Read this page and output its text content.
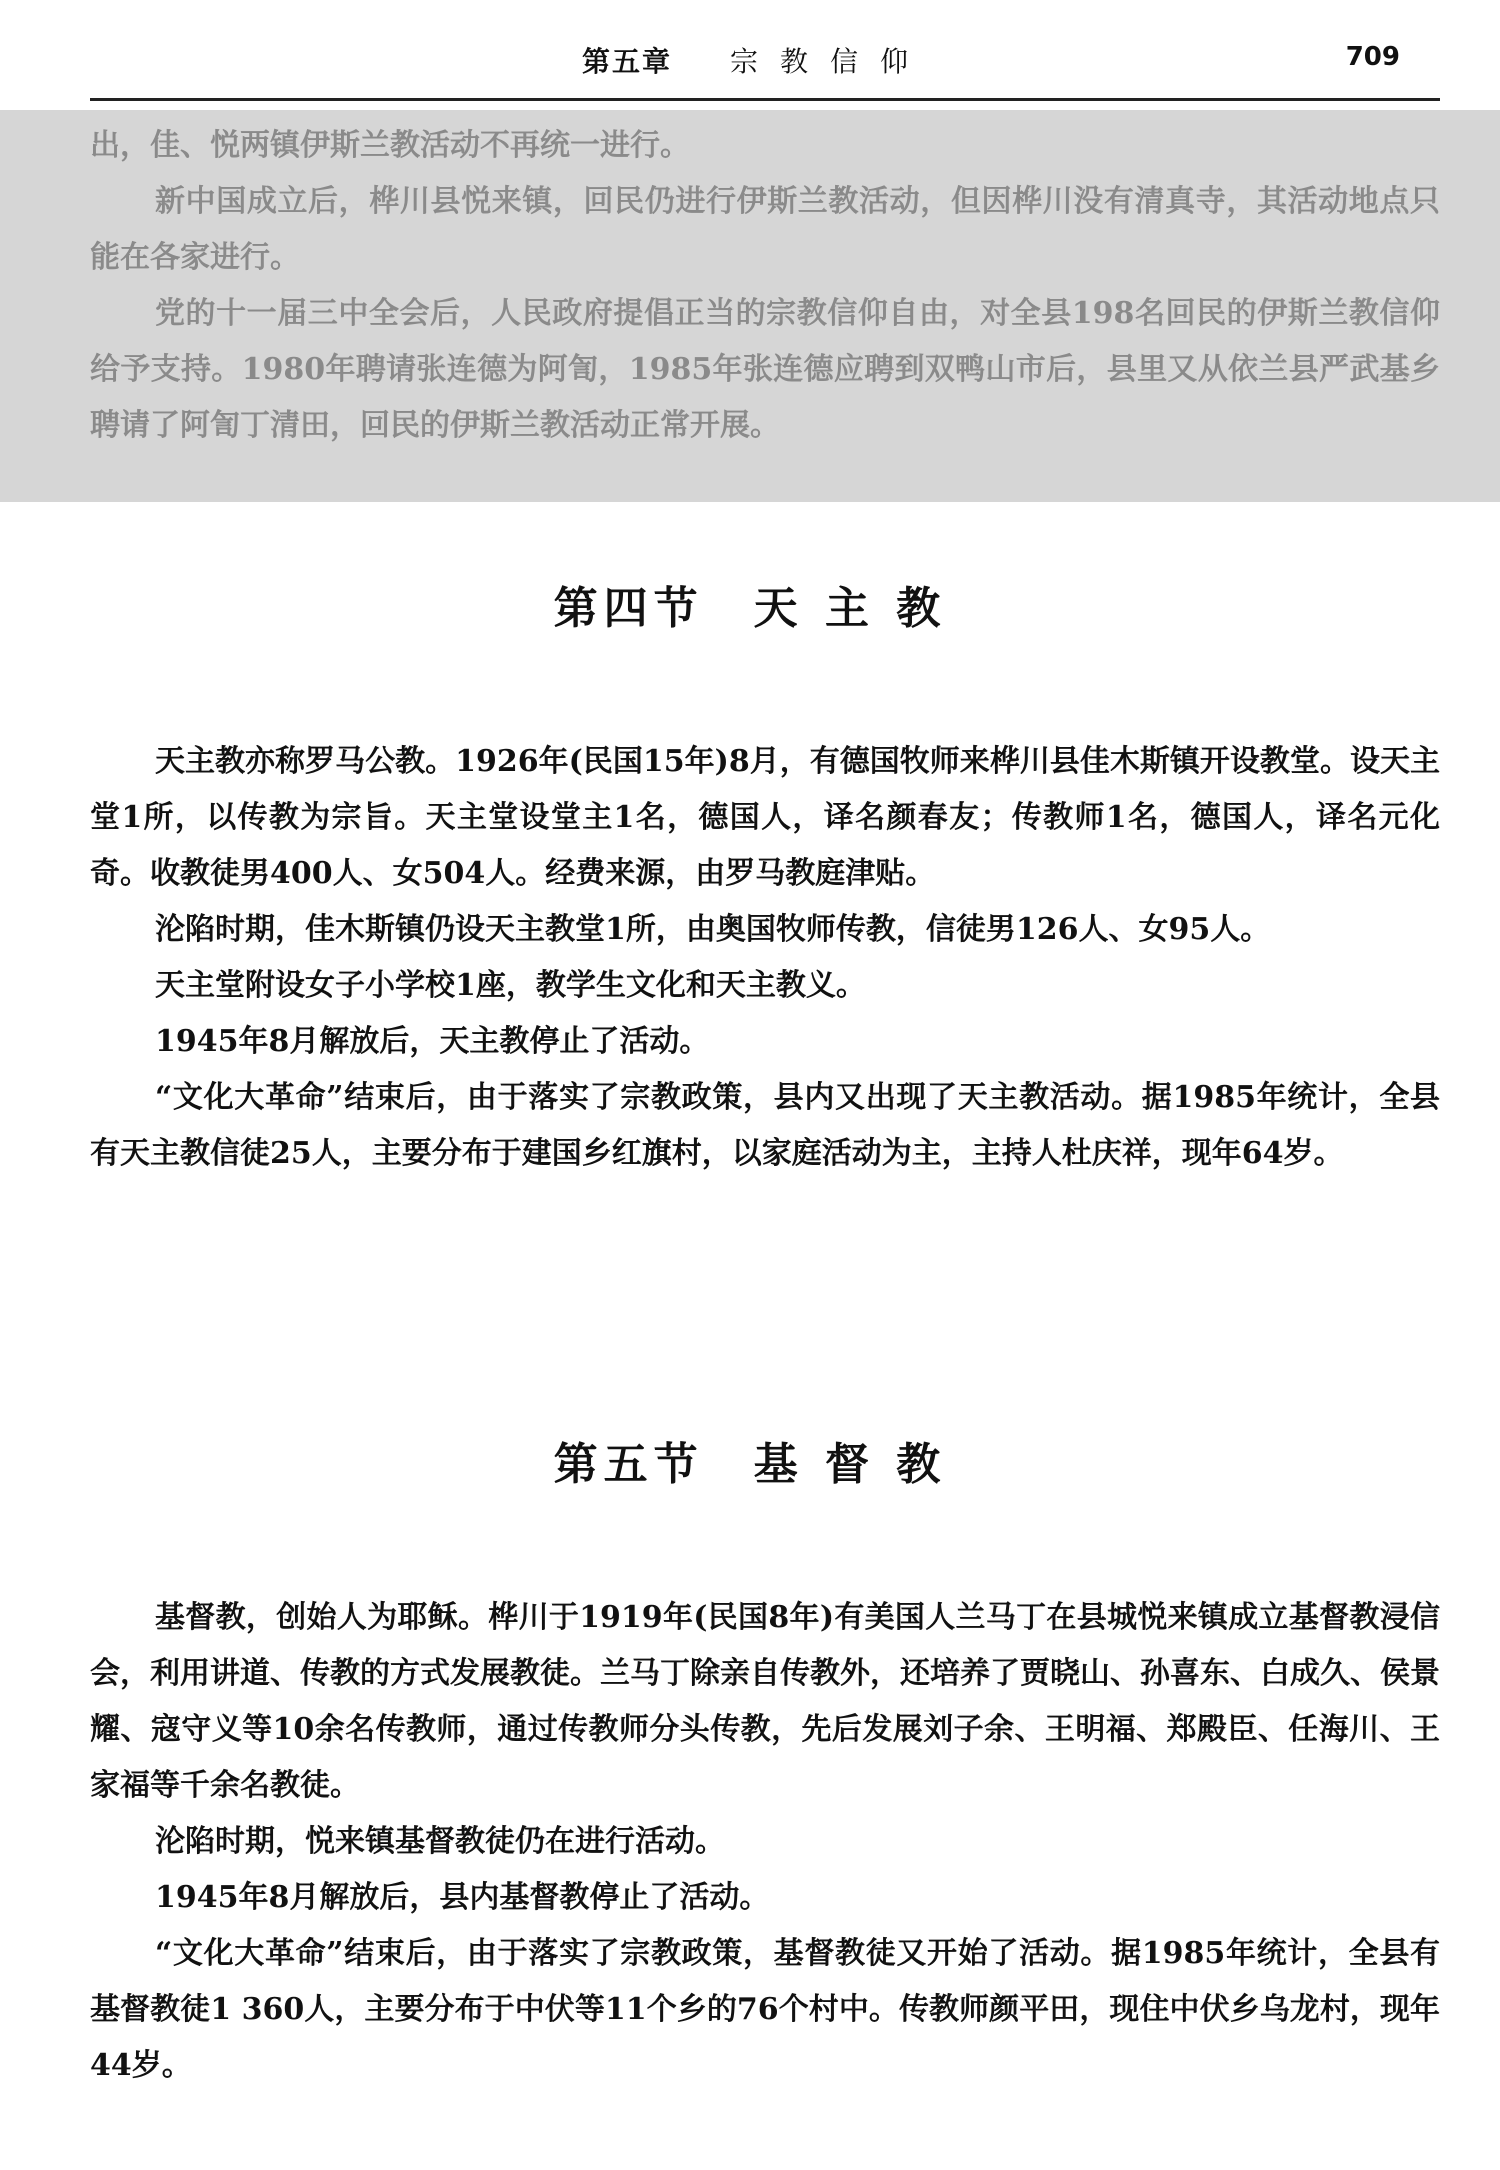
第五章 宗教信仰	709

出，佳、悦两镇伊斯兰教活动不再统一进行。

新中国成立后，桦川县悦来镇，回民仍进行伊斯兰教活动，但因桦川没有清真寺，其活动地点只能在各家进行。

党的十一届三中全会后，人民政府提倡正当的宗教信仰自由，对全县198名回民的伊斯兰教信仰给予支持。1980年聘请张连德为阿訇，1985年张连德应聘到双鸭山市后，县里又从依兰县严武基乡聘请了阿訇丁清田，回民的伊斯兰教活动正常开展。

第四节　天 主 教

天主教亦称罗马公教。1926年(民国15年)8月，有德国牧师来桦川县佳木斯镇开设教堂。设天主堂1所，以传教为宗旨。天主堂设堂主1名，德国人，译名颜春友；传教师1名，德国人，译名元化奇。收教徒男400人、女504人。经费来源，由罗马教庭津贴。

沦陷时期，佳木斯镇仍设天主教堂1所，由奥国牧师传教，信徒男126人、女95人。

天主堂附设女子小学校1座，教学生文化和天主教义。

1945年8月解放后，天主教停止了活动。

“文化大革命”结束后，由于落实了宗教政策，县内又出现了天主教活动。据1985年统计，全县有天主教信徒25人，主要分布于建国乡红旗村，以家庭活动为主，主持人杜庆祥，现年64岁。

第五节　基 督 教

基督教，创始人为耶稣。桦川于1919年(民国8年)有美国人兰马丁在县城悦来镇成立基督教浸信会，利用讲道、传教的方式发展教徒。兰马丁除亲自传教外，还培养了贾晓山、孙喜东、白成久、侯景耀、寇守义等10余名传教师，通过传教师分头传教，先后发展刘子余、王明福、郑殿臣、任海川、王家福等千余名教徒。

沦陷时期，悦来镇基督教徒仍在进行活动。

1945年8月解放后，县内基督教停止了活动。

“文化大革命”结束后，由于落实了宗教政策，基督教徒又开始了活动。据1985年统计，全县有基督教徒1 360人，主要分布于中伏等11个乡的76个村中。传教师颜平田，现住中伏乡乌龙村，现年44岁。
